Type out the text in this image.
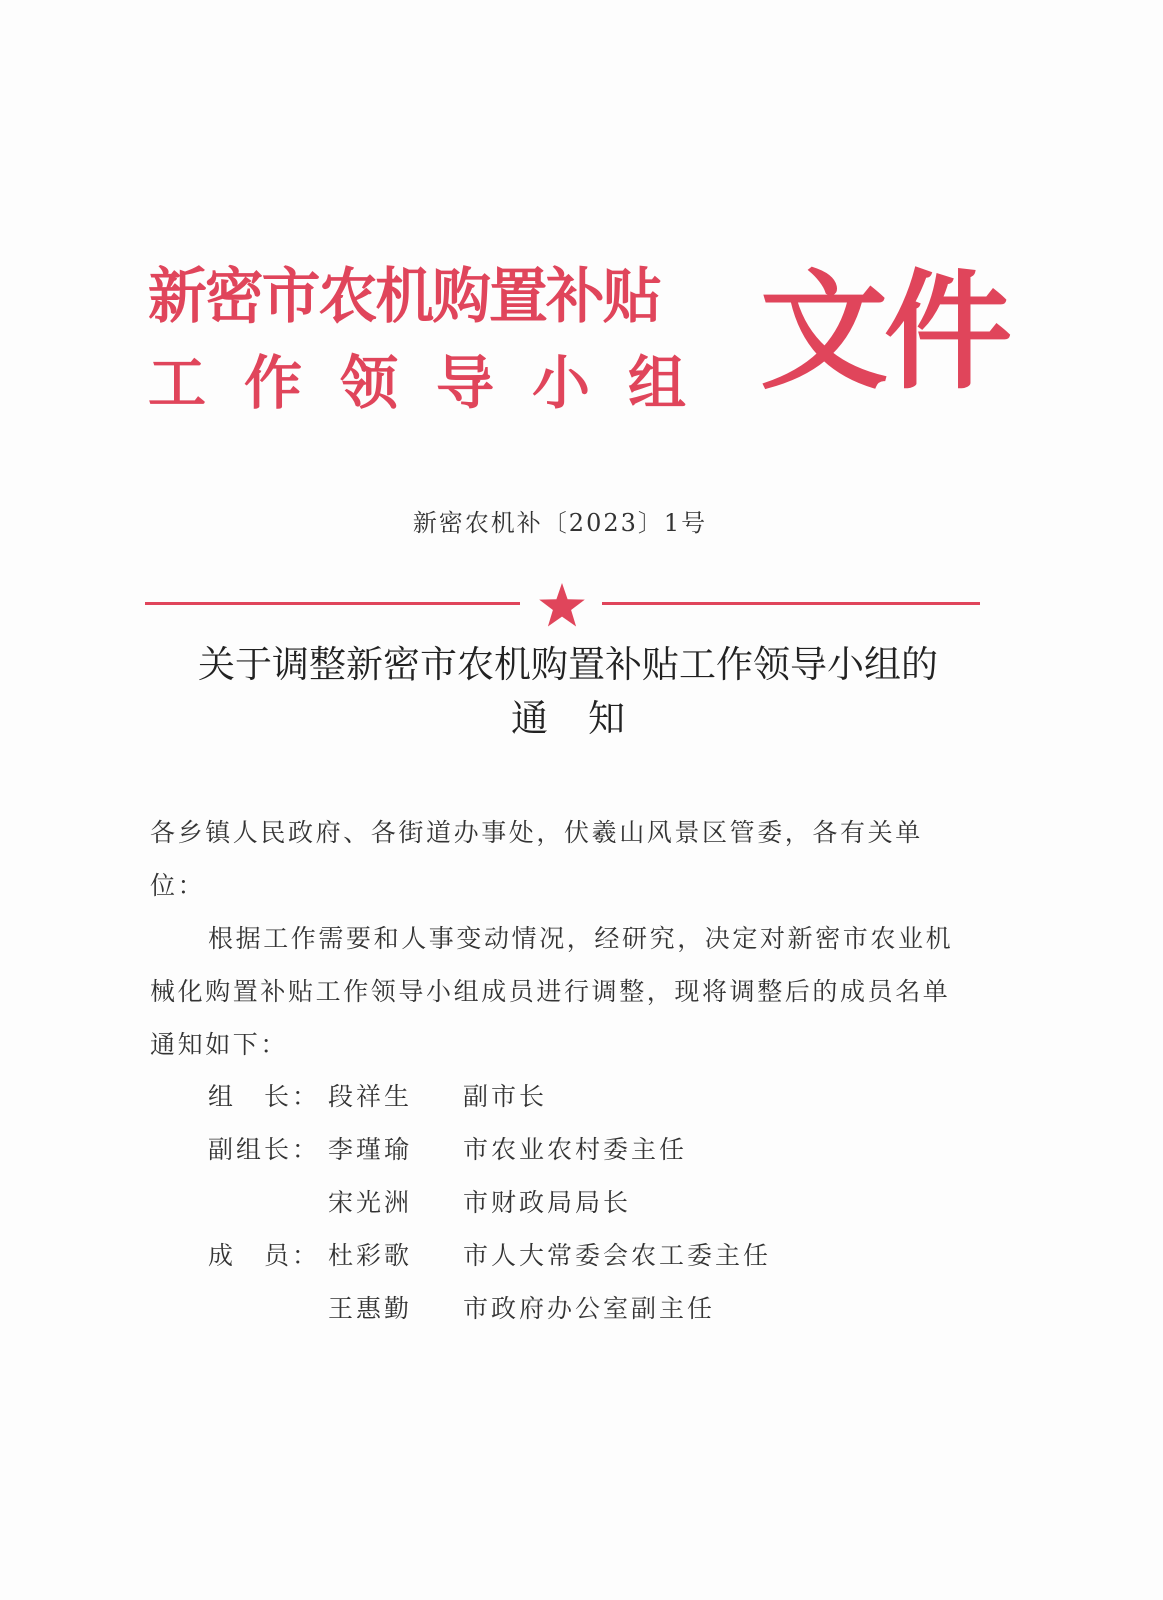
新密市农机购置补贴
工作领导小组 文件
新密农机补〔2023〕1号
关于调整新密市农机购置补贴工作领导小组的
通知

各乡镇人民政府、各街道办事处，伏羲山风景区管委，各有关单位：

根据工作需要和人事变动情况，经研究，决定对新密市农业机械化购置补贴工作领导小组成员进行调整，现将调整后的成员名单通知如下：

组　长： 段祥生	副市长
副组长： 李瑾瑜	市农业农村委主任
宋光洲	市财政局局长
成　员： 杜彩歌	市人大常委会农工委主任
王惠勤	市政府办公室副主任
